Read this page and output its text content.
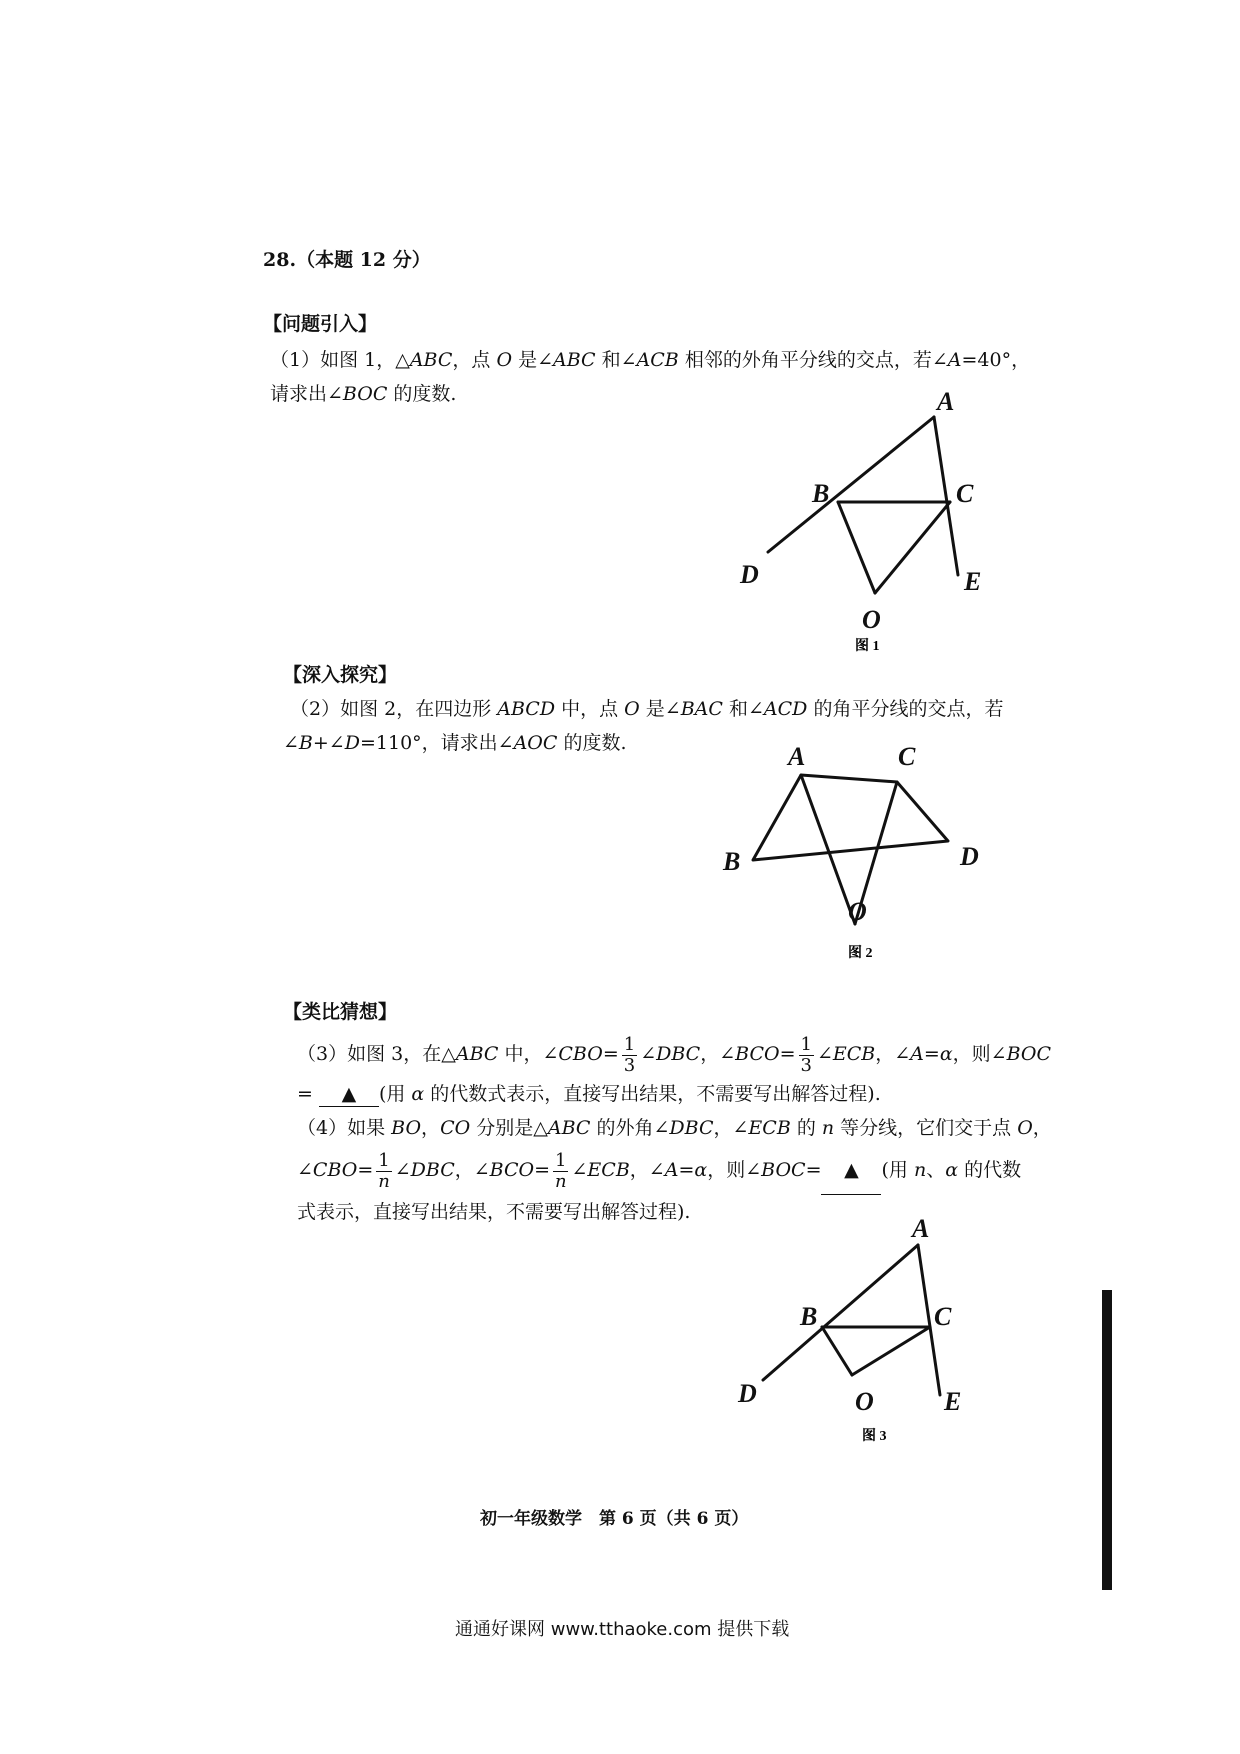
28.（本题 12 分）
【问题引入】
（1）如图 1，△ABC，点 O 是∠ABC 和∠ACB 相邻的外角平分线的交点，若∠A=40°，
请求出∠BOC 的度数.	A
B	C
D	E
O
图 1
【深入探究】
（2）如图 2，在四边形 ABCD 中，点 O 是∠BAC 和∠ACD 的角平分线的交点，若
∠B+∠D=110°，请求出∠AOC 的度数.	A	C
B	D
O
图 2
【类比猜想】
（3）如图 3，在△ABC 中，∠CBO= $\frac{1}{3}$ ∠DBC，∠BCO= $\frac{1}{3}$ ∠ECB，∠A=α，则∠BOC
= ▲ (用 α 的代数式表示，直接写出结果，不需要写出解答过程).
（4）如果 BO，CO 分别是△ABC 的外角∠DBC，∠ECB 的 n 等分线，它们交于点 O，
∠CBO= $\frac{1}{n}$ ∠DBC，∠BCO= $\frac{1}{n}$ ∠ECB，∠A=α，则∠BOC= ▲ (用 n、α 的代数
式表示，直接写出结果，不需要写出解答过程).
A
B	C
D	O	E
图 3
初一年级数学　第 6 页（共 6 页）
通通好课网 www.tthaoke.com 提供下载
